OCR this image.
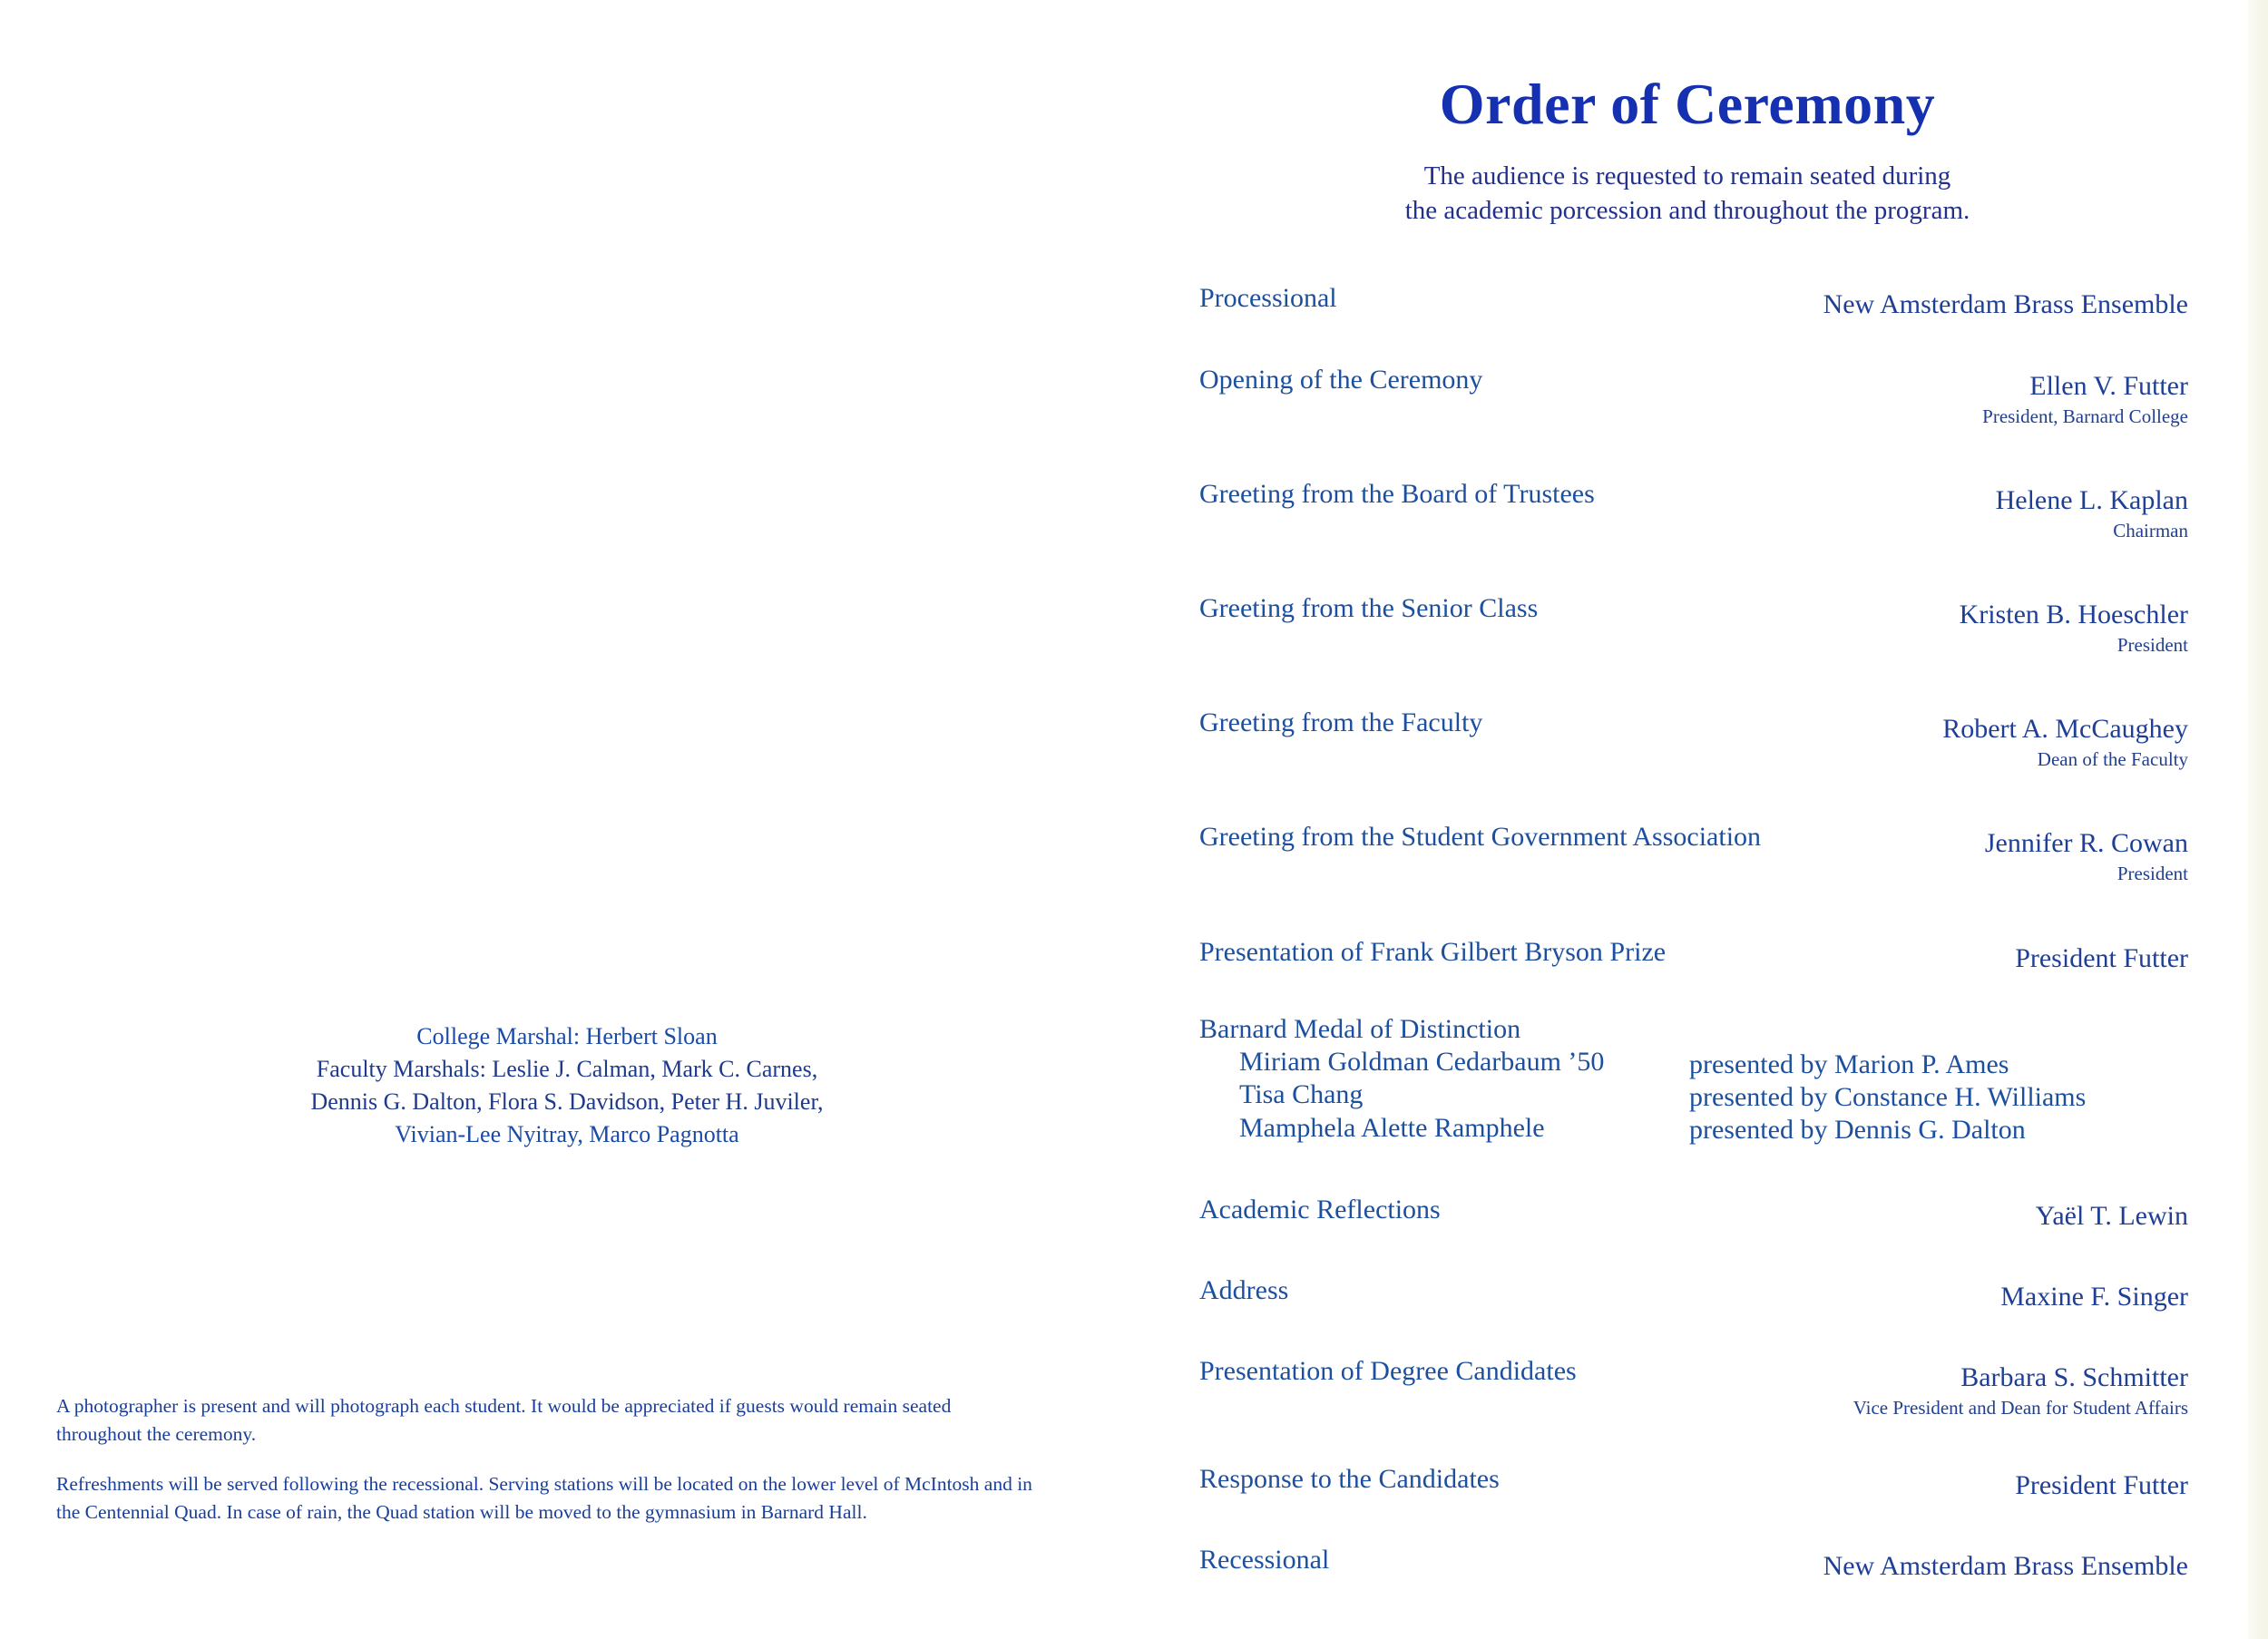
College Marshal: Herbert Sloan
Faculty Marshals: Leslie J. Calman, Mark C. Carnes,
Dennis G. Dalton, Flora S. Davidson, Peter H. Juviler,
Vivian-Lee Nyitray, Marco Pagnotta

A photographer is present and will photograph each student. It would be appreciated if guests would remain seated throughout the ceremony.

Refreshments will be served following the recessional. Serving stations will be located on the lower level of McIntosh and in the Centennial Quad. In case of rain, the Quad station will be moved to the gymnasium in Barnard Hall.

Order of Ceremony
The audience is requested to remain seated during
the academic porcession and throughout the program.
Processional	New Amsterdam Brass Ensemble
Opening of the Ceremony	Ellen V. Futter
President, Barnard College
Greeting from the Board of Trustees	Helene L. Kaplan
Chairman
Greeting from the Senior Class	Kristen B. Hoeschler
President
Greeting from the Faculty	Robert A. McCaughey
Dean of the Faculty
Greeting from the Student Government Association	Jennifer R. Cowan
President
Presentation of Frank Gilbert Bryson Prize	President Futter
Academic Reflections	Yaël T. Lewin
Address	Maxine F. Singer
Presentation of Degree Candidates	Barbara S. Schmitter
Vice President and Dean for Student Affairs
Response to the Candidates	President Futter
Recessional	New Amsterdam Brass Ensemble
Barnard Medal of Distinction
Miriam Goldman Cedarbaum ’50	presented by Marion P. Ames
Tisa Chang	presented by Constance H. Williams
Mamphela Alette Ramphele	presented by Dennis G. Dalton
